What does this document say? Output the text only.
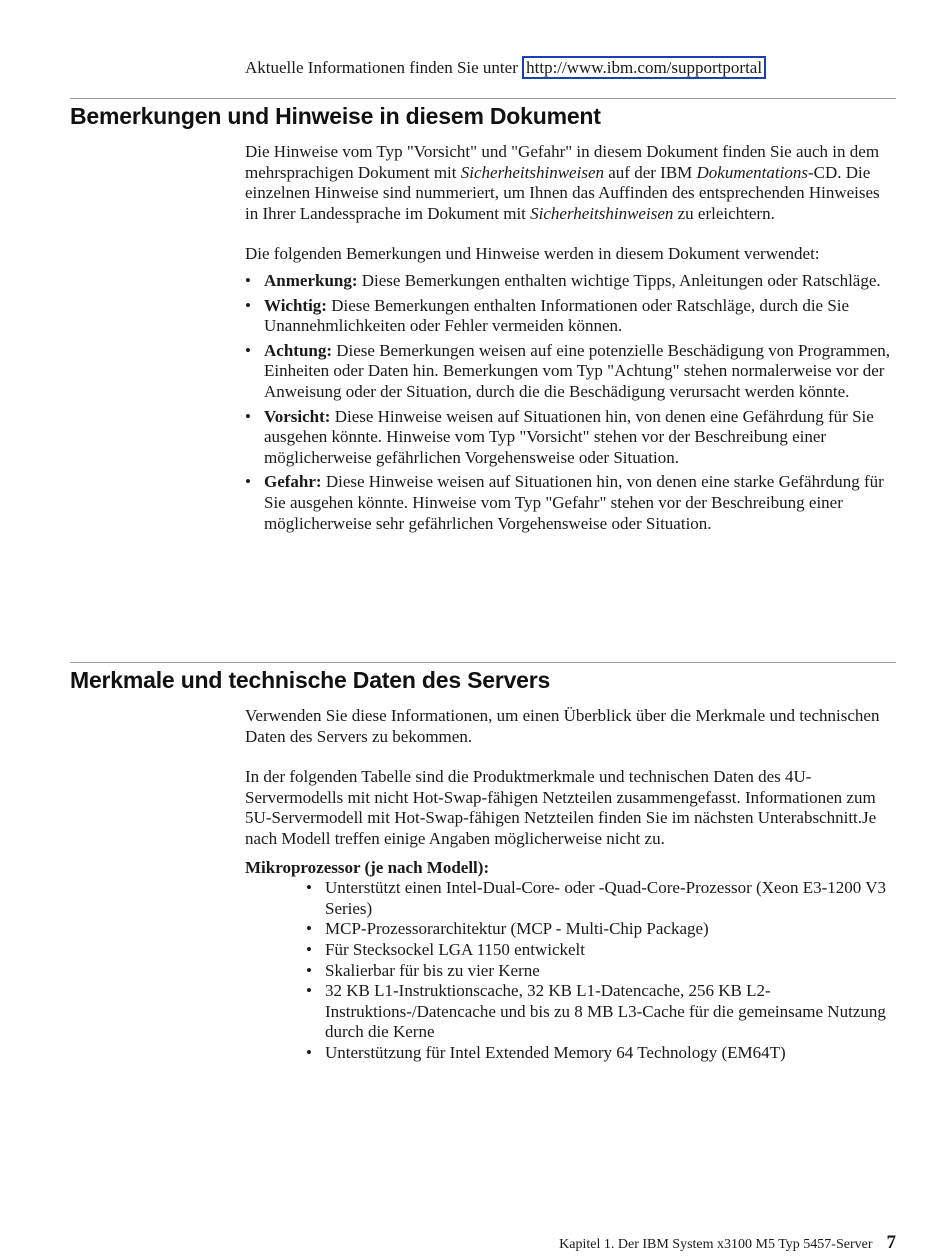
Aktuelle Informationen finden Sie unter http://www.ibm.com/supportportal
Bemerkungen und Hinweise in diesem Dokument

Die Hinweise vom Typ "Vorsicht" und "Gefahr" in diesem Dokument finden Sie auch in dem mehrsprachigen Dokument mit Sicherheitshinweisen auf der IBM Dokumentations-CD. Die einzelnen Hinweise sind nummeriert, um Ihnen das Auffinden des entsprechenden Hinweises in Ihrer Landessprache im Dokument mit Sicherheitshinweisen zu erleichtern.

Die folgenden Bemerkungen und Hinweise werden in diesem Dokument verwendet:

• Anmerkung: Diese Bemerkungen enthalten wichtige Tipps, Anleitungen oder Ratschläge.
• Wichtig: Diese Bemerkungen enthalten Informationen oder Ratschläge, durch die Sie Unannehmlichkeiten oder Fehler vermeiden können.
• Achtung: Diese Bemerkungen weisen auf eine potenzielle Beschädigung von Programmen, Einheiten oder Daten hin. Bemerkungen vom Typ "Achtung" stehen normalerweise vor der Anweisung oder der Situation, durch die die Beschädigung verursacht werden könnte.
• Vorsicht: Diese Hinweise weisen auf Situationen hin, von denen eine Gefährdung für Sie ausgehen könnte. Hinweise vom Typ "Vorsicht" stehen vor der Beschreibung einer möglicherweise gefährlichen Vorgehensweise oder Situation.
• Gefahr: Diese Hinweise weisen auf Situationen hin, von denen eine starke Gefährdung für Sie ausgehen könnte. Hinweise vom Typ "Gefahr" stehen vor der Beschreibung einer möglicherweise sehr gefährlichen Vorgehensweise oder Situation.
Merkmale und technische Daten des Servers

Verwenden Sie diese Informationen, um einen Überblick über die Merkmale und technischen Daten des Servers zu bekommen.

In der folgenden Tabelle sind die Produktmerkmale und technischen Daten des 4U-Servermodells mit nicht Hot-Swap-fähigen Netzteilen zusammengefasst. Informationen zum 5U-Servermodell mit Hot-Swap-fähigen Netzteilen finden Sie im nächsten Unterabschnitt.Je nach Modell treffen einige Angaben möglicherweise nicht zu.

Mikroprozessor (je nach Modell):

• Unterstützt einen Intel-Dual-Core- oder -Quad-Core-Prozessor (Xeon E3-1200 V3 Series)
• MCP-Prozessorarchitektur (MCP - Multi-Chip Package)
• Für Stecksockel LGA 1150 entwickelt
• Skalierbar für bis zu vier Kerne
• 32 KB L1-Instruktionscache, 32 KB L1-Datencache, 256 KB L2-Instruktions-/Datencache und bis zu 8 MB L3-Cache für die gemeinsame Nutzung durch die Kerne
• Unterstützung für Intel Extended Memory 64 Technology (EM64T)
Kapitel 1. Der IBM System x3100 M5 Typ 5457-Server 7
